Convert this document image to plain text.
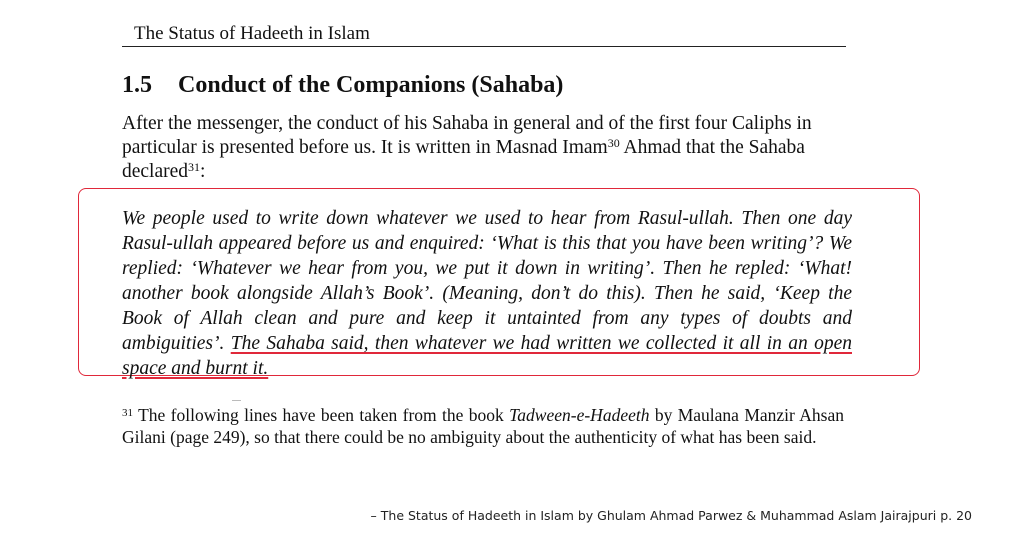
The Status of Hadeeth in Islam
1.5 Conduct of the Companions (Sahaba)

After the messenger, the conduct of his Sahaba in general and of the first four Caliphs in particular is presented before us. It is written in Masnad Imam$^{30}$ Ahmad that the Sahaba declared$^{31}$:

We people used to write down whatever we used to hear from Rasul-ullah. Then one day Rasul-ullah appeared before us and enquired: ‘What is this that you have been writing’? We replied: ‘Whatever we hear from you, we put it down in writing’. Then he repled: ‘What! another book alongside Allah’s Book’. (Meaning, don’t do this). Then he said, ‘Keep the Book of Allah clean and pure and keep it untainted from any types of doubts and ambiguities’. The Sahaba said, then whatever we had written we collected it all in an open space and burnt it.

$^{31}$ The following lines have been taken from the book Tadween-e-Hadeeth by Maulana Manzir Ahsan Gilani (page 249), so that there could be no ambiguity about the authenticity of what has been said.

– The Status of Hadeeth in Islam by Ghulam Ahmad Parwez & Muhammad Aslam Jairajpuri p. 20
